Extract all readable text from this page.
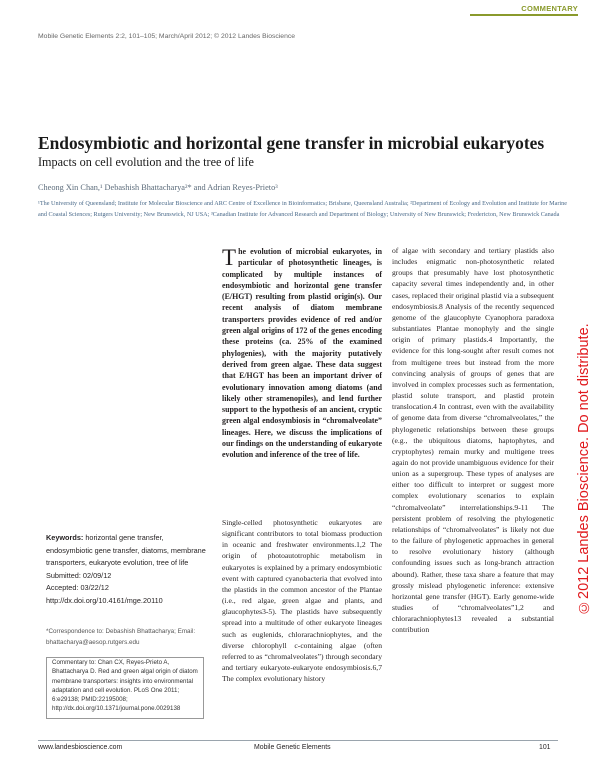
COMMENTARY
Mobile Genetic Elements 2:2, 101–105; March/April 2012; © 2012 Landes Bioscience
©2012 Landes Bioscience. Do not distribute.
Endosymbiotic and horizontal gene transfer in microbial eukaryotes
Impacts on cell evolution and the tree of life
Cheong Xin Chan,¹ Debashish Bhattacharya²* and Adrian Reyes-Prieto³
¹The University of Queensland; Institute for Molecular Bioscience and ARC Centre of Excellence in Bioinformatics; Brisbane, Queensland Australia; ²Department of Ecology and Evolution and Institute for Marine and Coastal Sciences; Rutgers University; New Brunswick, NJ USA; ³Canadian Institute for Advanced Research and Department of Biology; University of New Brunswick; Fredericton, New Brunswick Canada
The evolution of microbial eukaryotes, in particular of photosynthetic lineages, is complicated by multiple instances of endosymbiotic and horizontal gene transfer (E/HGT) resulting from plastid origin(s). Our recent analysis of diatom membrane transporters provides evidence of red and/or green algal origins of 172 of the genes encoding these proteins (ca. 25% of the examined phylogenies), with the majority putatively derived from green algae. These data suggest that E/HGT has been an important driver of evolutionary innovation among diatoms (and likely other stramenopiles), and lend further support to the hypothesis of an ancient, cryptic green algal endosymbiosis in “chromalveolate” lineages. Here, we discuss the implications of our findings on the understanding of eukaryote evolution and inference of the tree of life.
Keywords: horizontal gene transfer, endosymbiotic gene transfer, diatoms, membrane transporters, eukaryote evolution, tree of life
Submitted: 02/09/12
Accepted: 03/22/12
http://dx.doi.org/10.4161/mge.20110
*Correspondence to: Debashish Bhattacharya; Email: bhattacharya@aesop.rutgers.edu
Commentary to: Chan CX, Reyes-Prieto A, Bhattacharya D. Red and green algal origin of diatom membrane transporters: insights into environmental adaptation and cell evolution. PLoS One 2011; 6:e29138; PMID:22195008; http://dx.doi.org/10.1371/journal.pone.0029138
Single-celled photosynthetic eukaryotes are significant contributors to total biomass production in oceanic and freshwater environments.1,2 The origin of photoautotrophic metabolism in eukaryotes is explained by a primary endosymbiotic event with captured cyanobacteria that evolved into the plastids in the common ancestor of the Plantae (i.e., red algae, green algae and plants, and glaucophytes3-5). The plastids have subsequently spread into a multitude of other eukaryote lineages such as euglenids, chlorarachniophytes, and the diverse chlorophyll c-containing algae (often referred to as “chromalveolates”) through secondary and tertiary eukaryote-eukaryote endosymbiosis.6,7 The complex evolutionary history
of algae with secondary and tertiary plastids also includes enigmatic non-photosynthetic related groups that presumably have lost photosynthetic capacity several times independently and, in other cases, replaced their original plastid via a subsequent endosymbiosis.8 Analysis of the recently sequenced genome of the glaucophyte Cyanophora paradoxa substantiates Plantae monophyly and the single origin of primary plastids.4 Importantly, the evidence for this long-sought after result comes not from multigene trees but instead from the more convincing analysis of groups of genes that are involved in complex processes such as fermentation, plastid solute transport, and plastid protein translocation.4 In contrast, even with the availability of genome data from diverse “chromalveolates,” the phylogenetic relationships between these groups (e.g., the ubiquitous diatoms, haptophytes, and cryptophytes) remain murky and multigene trees again do not provide unambiguous evidence for their union as a supergroup. These types of analyses are either too difficult to interpret or suggest more complex evolutionary scenarios to explain “chromalveolate” interrelationships.9-11 The persistent problem of resolving the phylogenetic relationships of “chromalveolates” is likely not due to the failure of phylogenetic approaches in general to resolve evolutionary history (although confounding issues such as long-branch attraction abound). Rather, these taxa share a feature that may grossly mislead phylogenetic inference: extensive horizontal gene transfer (HGT). Early genome-wide studies of “chromalveolates”1,2 and chlorarachniophytes13 revealed a substantial contribution
www.landesbioscience.com	Mobile Genetic Elements	101
